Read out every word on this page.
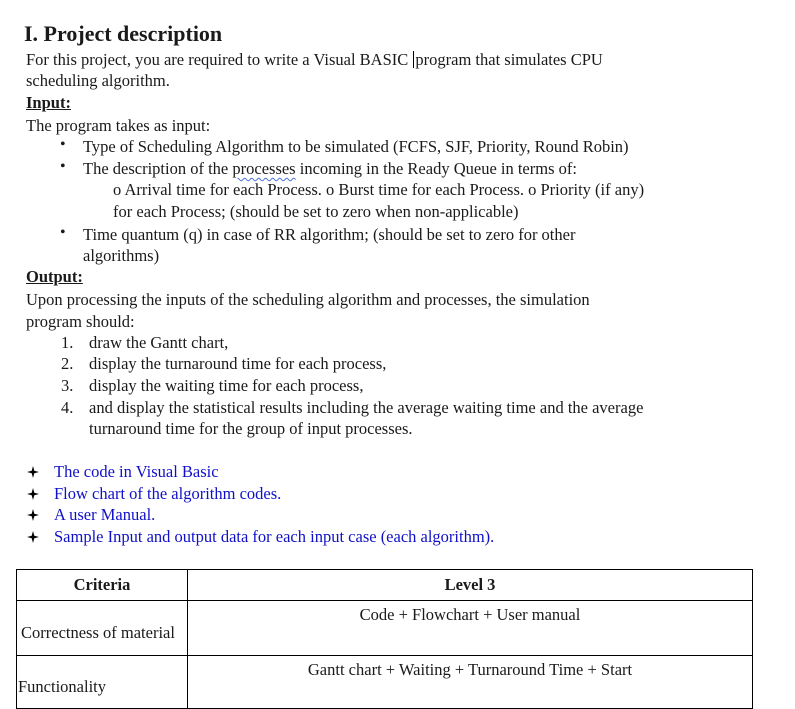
I. Project description
For this project, you are required to write a Visual BASIC program that simulates CPU
scheduling algorithm.
Input:
The program takes as input:
• Type of Scheduling Algorithm to be simulated (FCFS, SJF, Priority, Round Robin)
• The description of the processes incoming in the Ready Queue in terms of:
o Arrival time for each Process. o Burst time for each Process. o Priority (if any)
for each Process; (should be set to zero when non-applicable)
• Time quantum (q) in case of RR algorithm; (should be set to zero for other
algorithms)
Output:
Upon processing the inputs of the scheduling algorithm and processes, the simulation
program should:
1. draw the Gantt chart,
2. display the turnaround time for each process,
3. display the waiting time for each process,
4. and display the statistical results including the average waiting time and the average
turnaround time for the group of input processes.
The code in Visual Basic
Flow chart of the algorithm codes.
A user Manual.
Sample Input and output data for each input case (each algorithm).
Criteria	Level 3
Correctness of material	Code + Flowchart + User manual
Functionality	Gantt chart + Waiting + Turnaround Time + Start
